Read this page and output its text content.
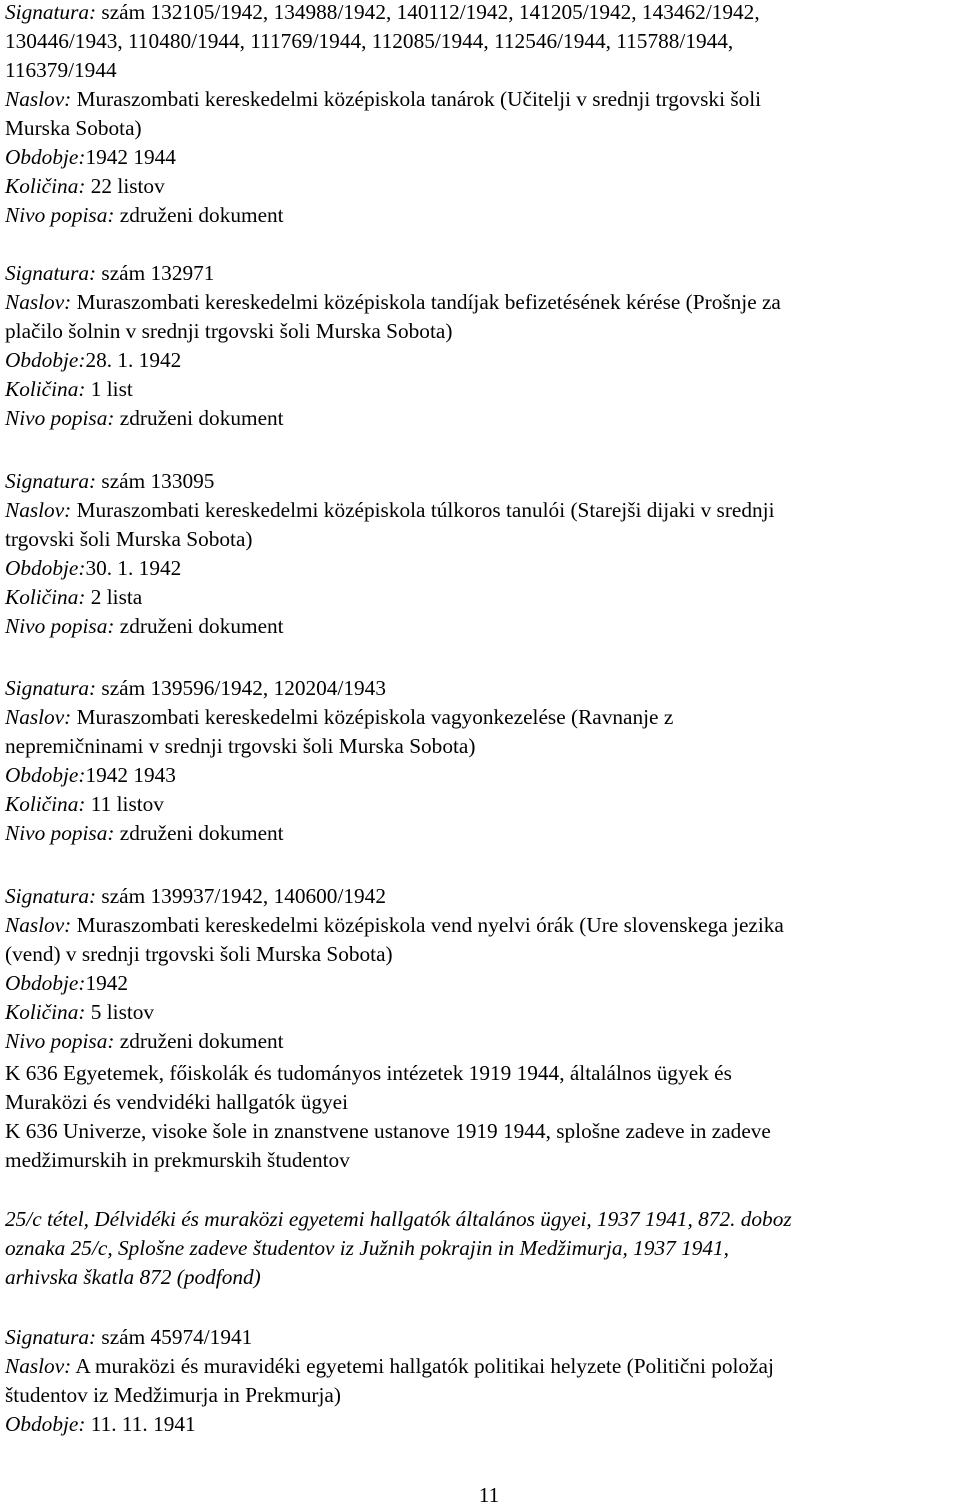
Signatura: szám 132105/1942, 134988/1942, 140112/1942, 141205/1942, 143462/1942,
130446/1943, 110480/1944, 111769/1944, 112085/1944, 112546/1944, 115788/1944,
116379/1944
Naslov: Muraszombati kereskedelmi középiskola tanárok (Učitelji v srednji trgovski šoli
Murska Sobota)
Obdobje:1942 1944
Količina: 22 listov
Nivo popisa: združeni dokument
Signatura: szám 132971
Naslov: Muraszombati kereskedelmi középiskola tandíjak befizetésének kérése (Prošnje za
plačilo šolnin v srednji trgovski šoli Murska Sobota)
Obdobje:28. 1. 1942
Količina: 1 list
Nivo popisa: združeni dokument
Signatura: szám 133095
Naslov: Muraszombati kereskedelmi középiskola túlkoros tanulói (Starejši dijaki v srednji
trgovski šoli Murska Sobota)
Obdobje:30. 1. 1942
Količina: 2 lista
Nivo popisa: združeni dokument
Signatura: szám 139596/1942, 120204/1943
Naslov: Muraszombati kereskedelmi középiskola vagyonkezelése (Ravnanje z
nepremičninami v srednji trgovski šoli Murska Sobota)
Obdobje:1942 1943
Količina: 11 listov
Nivo popisa: združeni dokument
Signatura: szám 139937/1942, 140600/1942
Naslov: Muraszombati kereskedelmi középiskola vend nyelvi órák (Ure slovenskega jezika
(vend) v srednji trgovski šoli Murska Sobota)
Obdobje:1942
Količina: 5 listov
Nivo popisa: združeni dokument
K 636 Egyetemek, főiskolák és tudományos intézetek 1919 1944, általálnos ügyek és
Muraközi és vendvidéki hallgatók ügyei
K 636 Univerze, visoke šole in znanstvene ustanove 1919 1944, splošne zadeve in zadeve
medžimurskih in prekmurskih študentov
25/c tétel, Délvidéki és muraközi egyetemi hallgatók általános ügyei, 1937 1941, 872. doboz
oznaka 25/c, Splošne zadeve študentov iz Južnih pokrajin in Medžimurja, 1937 1941,
arhivska škatla 872 (podfond)
Signatura: szám 45974/1941
Naslov: A muraközi és muravidéki egyetemi hallgatók politikai helyzete (Politični položaj
študentov iz Medžimurja in Prekmurja)
Obdobje: 11. 11. 1941
11
